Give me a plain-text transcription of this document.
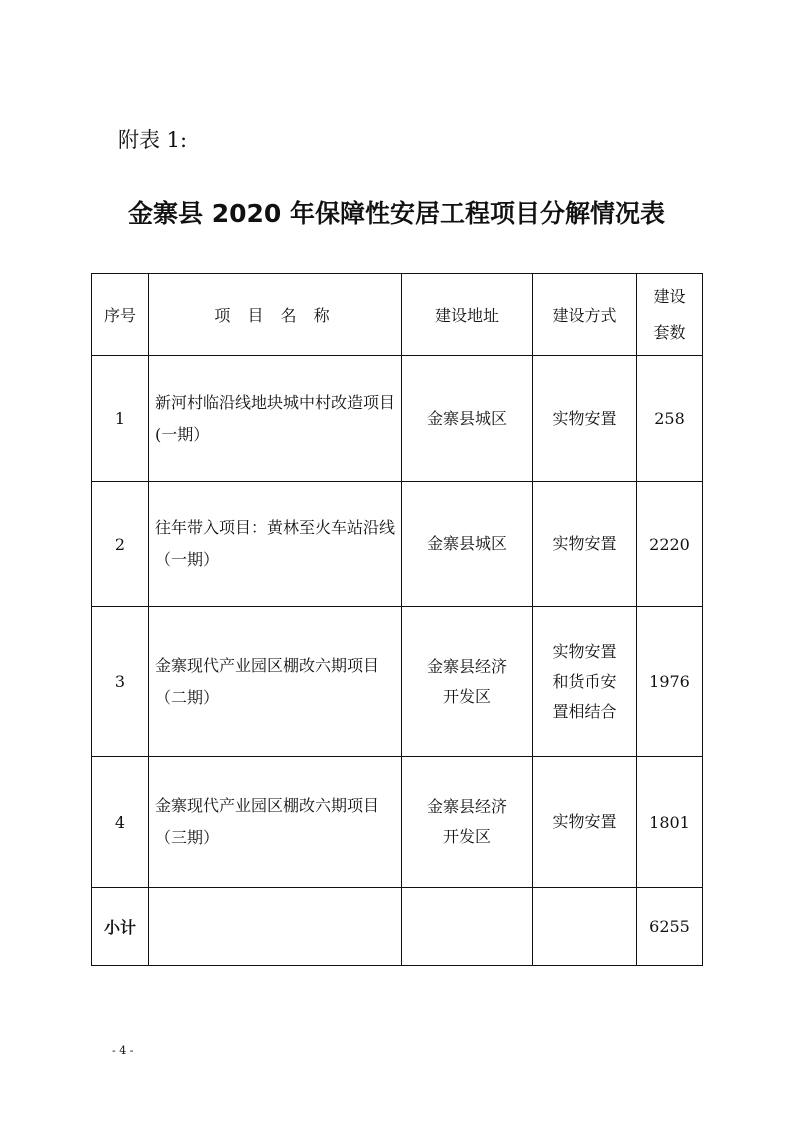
附表 1:
金寨县 2020 年保障性安居工程项目分解情况表
序号	项 目 名 称	建设地址	建设方式	建设
套数

1	新河村临沿线地块城中村改造项目(一期）	金寨县城区	实物安置	258
2	往年带入项目：黄林至火车站沿线（一期）	金寨县城区	实物安置	2220
3	金寨现代产业园区棚改六期项目（二期）	金寨县经济开发区	实物安置和货币安置相结合	1976
4	金寨现代产业园区棚改六期项目（三期）	金寨县经济开发区	实物安置	1801
小计				6255
- 4 -
